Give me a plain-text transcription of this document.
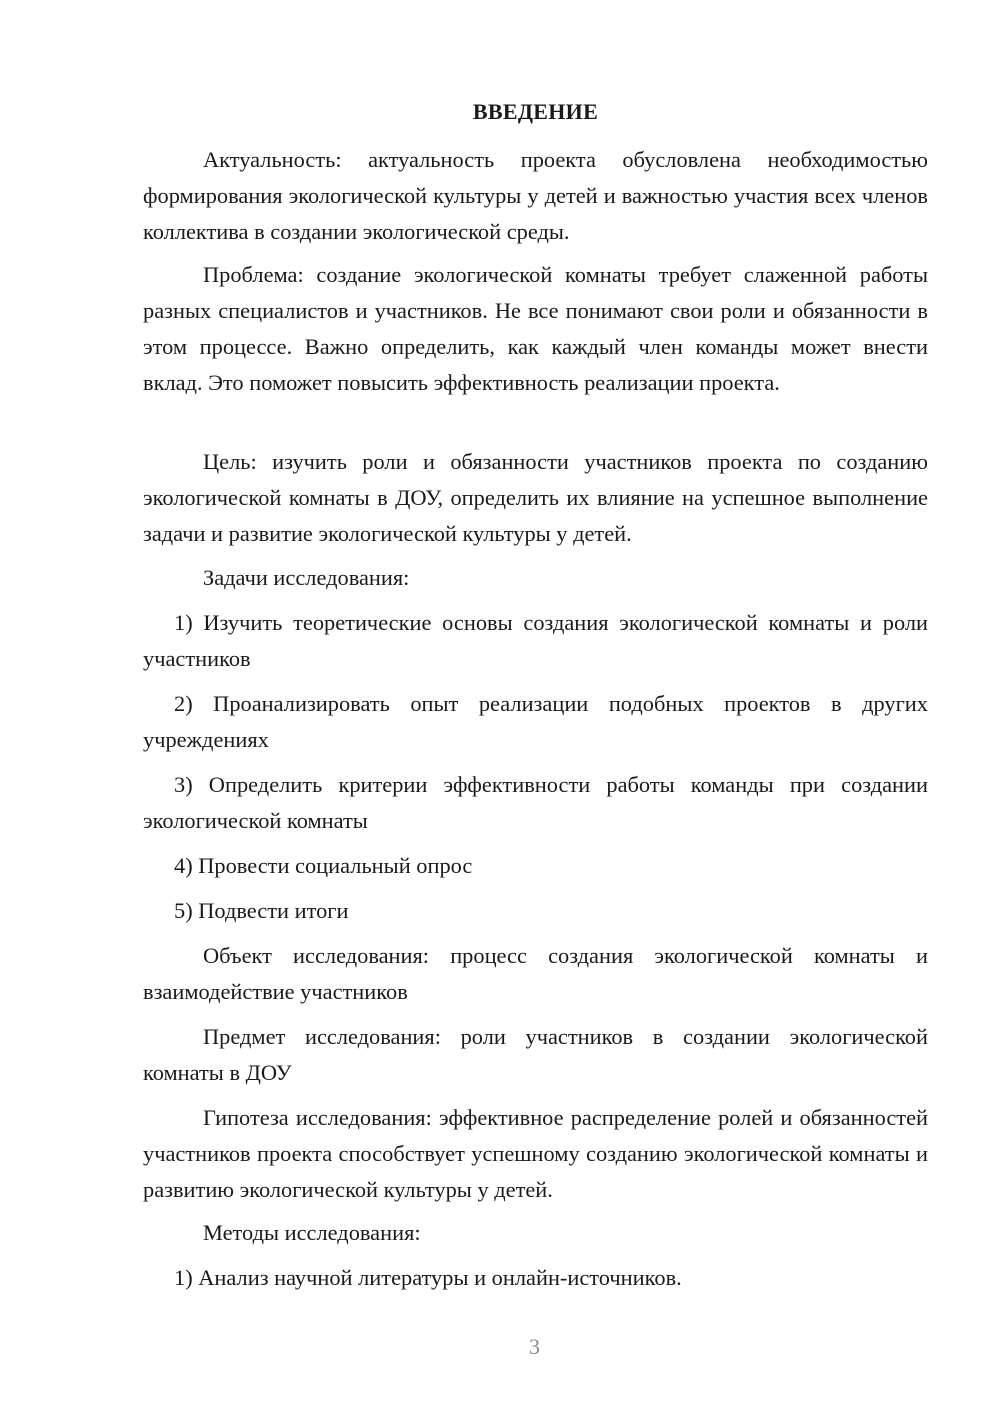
ВВЕДЕНИЕ

Актуальность: актуальность проекта обусловлена необходимостью формирования экологической культуры у детей и важностью участия всех членов коллектива в создании экологической среды.

Проблема: создание экологической комнаты требует слаженной работы разных специалистов и участников. Не все понимают свои роли и обязанности в этом процессе. Важно определить, как каждый член команды может внести вклад. Это поможет повысить эффективность реализации проекта.

Цель: изучить роли и обязанности участников проекта по созданию экологической комнаты в ДОУ, определить их влияние на успешное выполнение задачи и развитие экологической культуры у детей.

Задачи исследования:

1) Изучить теоретические основы создания экологической комнаты и роли участников

2) Проанализировать опыт реализации подобных проектов в других учреждениях

3) Определить критерии эффективности работы команды при создании экологической комнаты

4) Провести социальный опрос

5) Подвести итоги

Объект исследования: процесс создания экологической комнаты и взаимодействие участников

Предмет исследования: роли участников в создании экологической комнаты в ДОУ

Гипотеза исследования: эффективное распределение ролей и обязанностей участников проекта способствует успешному созданию экологической комнаты и развитию экологической культуры у детей.

Методы исследования:

1) Анализ научной литературы и онлайн-источников.

3
